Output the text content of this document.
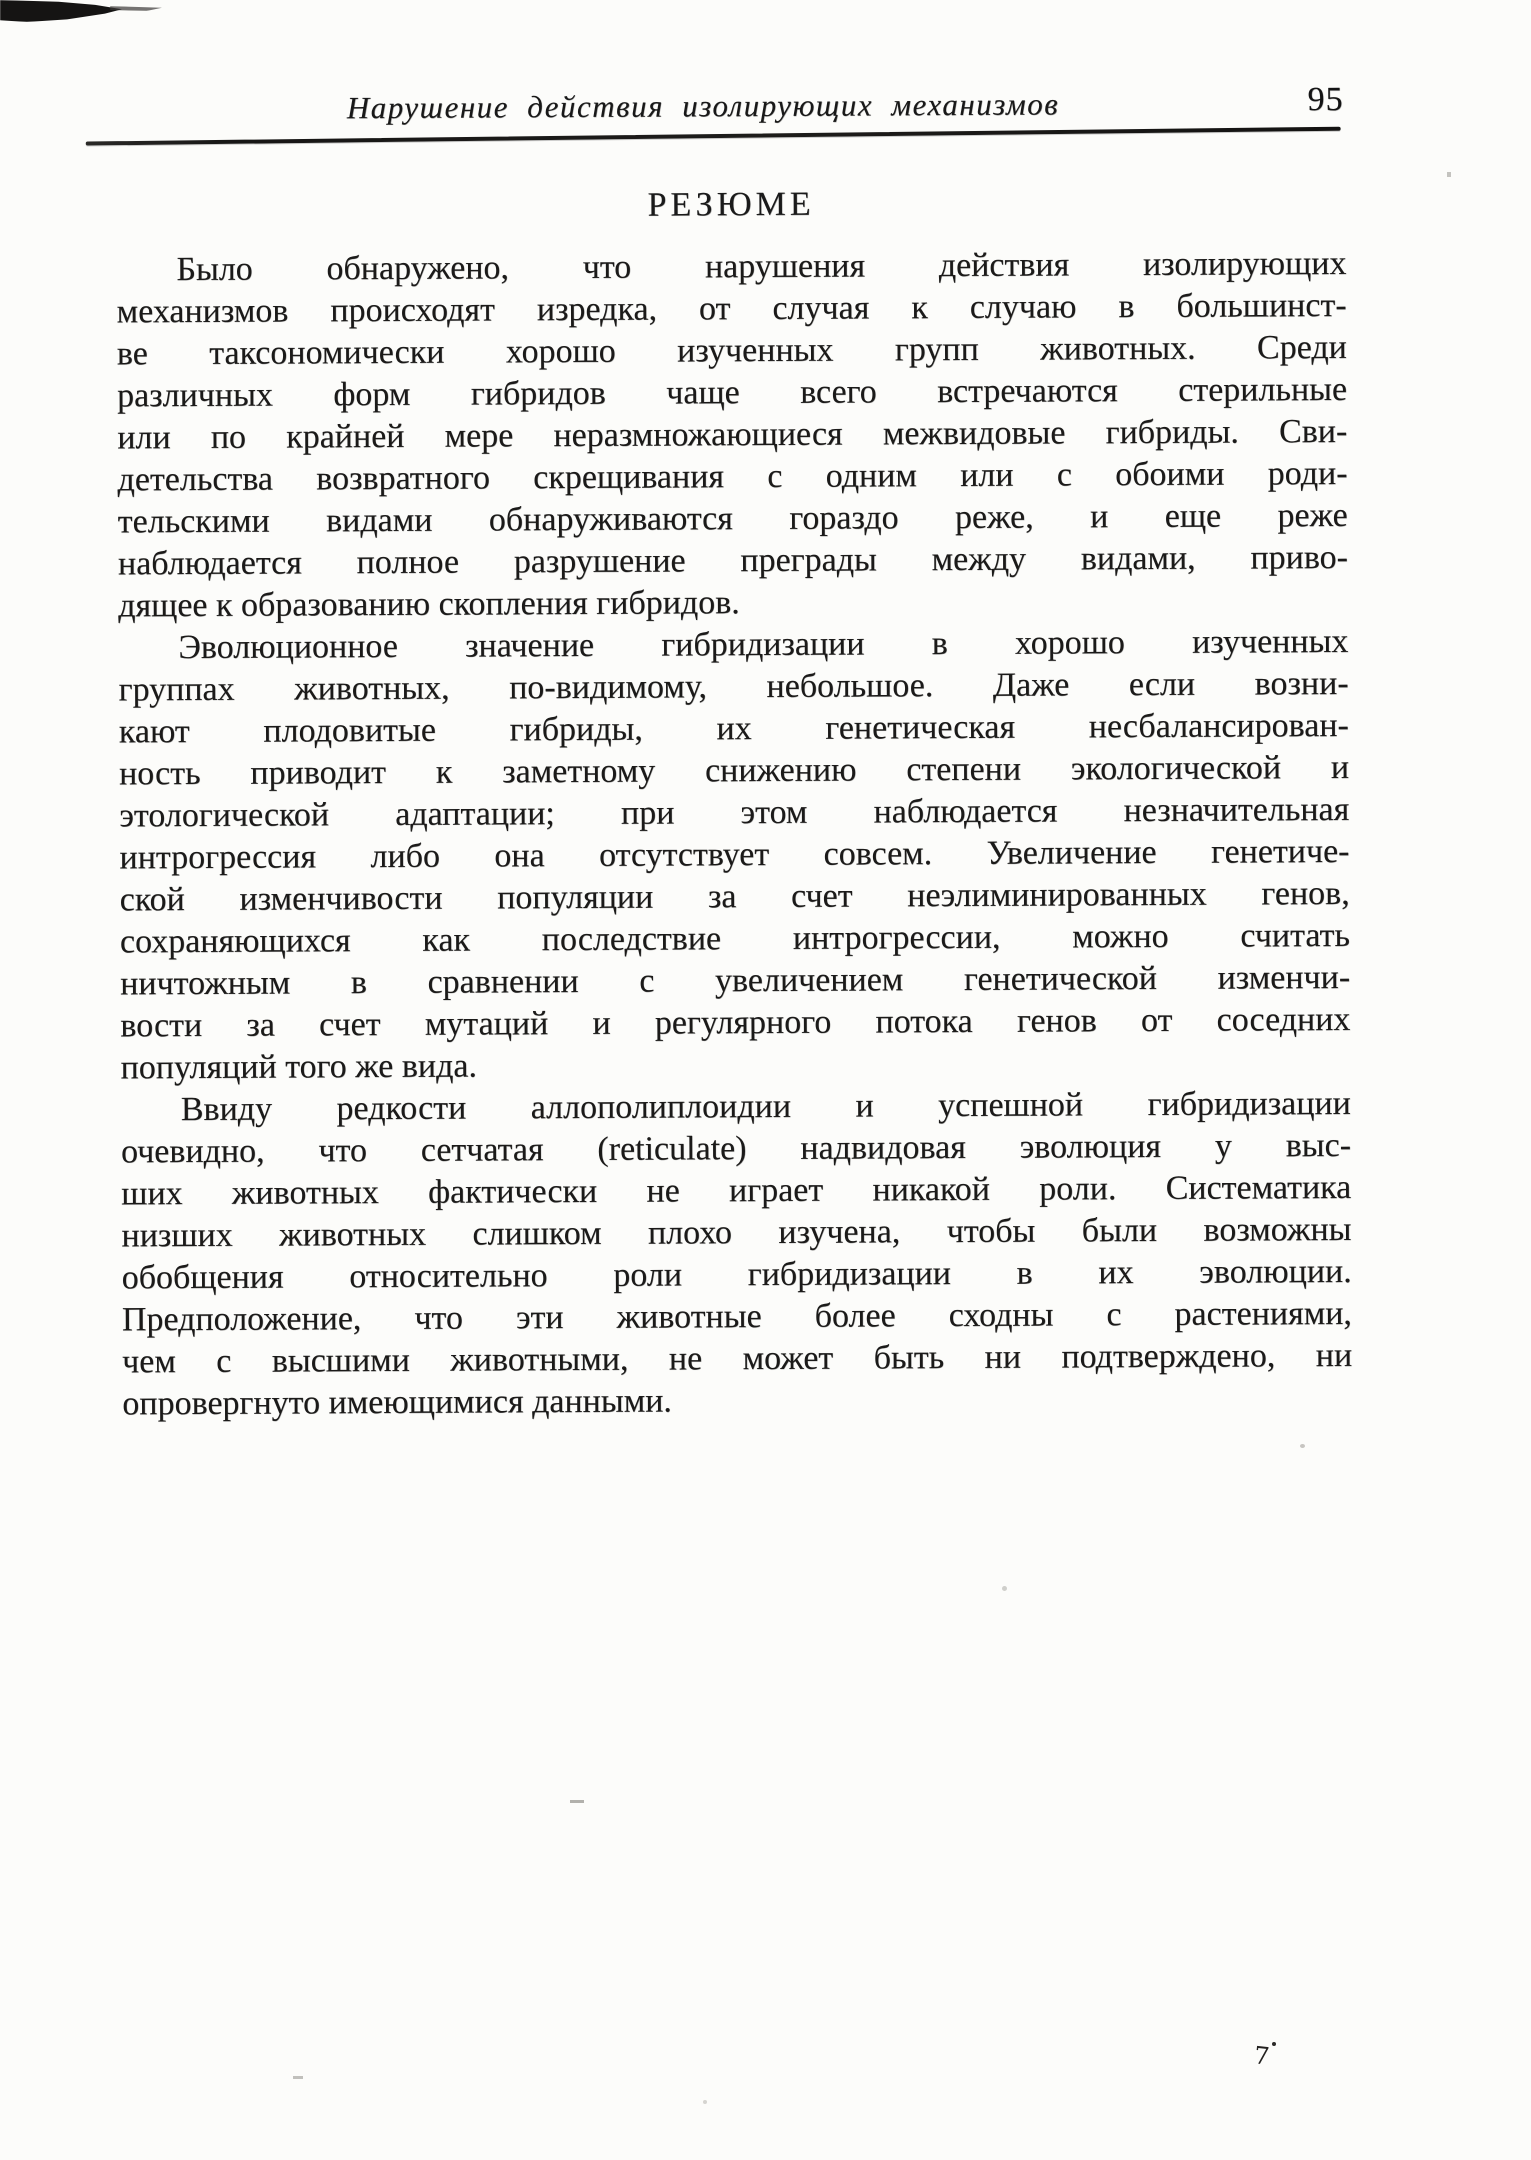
Нарушение действия изолирующих механизмов	95
РЕЗЮМЕ
Было обнаружено, что нарушения действия изолирующих
механизмов происходят изредка, от случая к случаю в большинст-
ве таксономически хорошо изученных групп животных. Среди
различных форм гибридов чаще всего встречаются стерильные
или по крайней мере неразмножающиеся межвидовые гибриды. Сви-
детельства возвратного скрещивания с одним или с обоими роди-
тельскими видами обнаруживаются гораздо реже, и еще реже
наблюдается полное разрушение преграды между видами, приво-
дящее к образованию скопления гибридов.
Эволюционное значение гибридизации в хорошо изученных
группах животных, по-видимому, небольшое. Даже если возни-
кают плодовитые гибриды, их генетическая несбалансирован-
ность приводит к заметному снижению степени экологической и
этологической адаптации; при этом наблюдается незначительная
интрогрессия либо она отсутствует совсем. Увеличение генетиче-
ской изменчивости популяции за счет неэлиминированных генов,
сохраняющихся как последствие интрогрессии, можно считать
ничтожным в сравнении с увеличением генетической изменчи-
вости за счет мутаций и регулярного потока генов от соседних
популяций того же вида.
Ввиду редкости аллополиплоидии и успешной гибридизации
очевидно, что сетчатая (reticulate) надвидовая эволюция у выс-
ших животных фактически не играет никакой роли. Систематика
низших животных слишком плохо изучена, чтобы были возможны
обобщения относительно роли гибридизации в их эволюции.
Предположение, что эти животные более сходны с растениями,
чем с высшими животными, не может быть ни подтверждено, ни
опровергнуто имеющимися данными.
7
